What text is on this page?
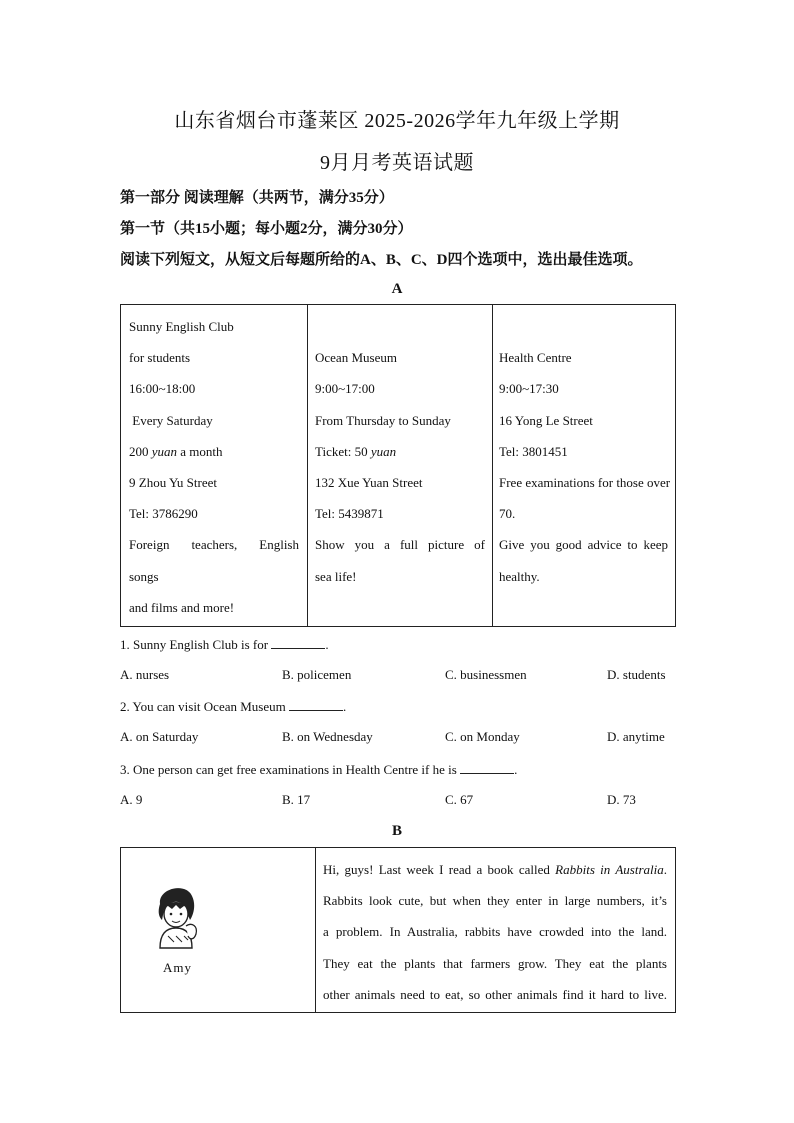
山东省烟台市蓬莱区 2025-2026学年九年级上学期
9月月考英语试题
第一部分 阅读理解（共两节，满分35分）
第一节（共15小题；每小题2分，满分30分）
阅读下列短文，从短文后每题所给的A、B、C、D四个选项中，选出最佳选项。
A
Sunny English Club
for students
16:00~18:00
Every Saturday
200 yuan a month
9 Zhou Yu Street
Tel: 3786290
Foreign teachers, English
songs
and films and more!

Ocean Museum
9:00~17:00
From Thursday to Sunday
Ticket: 50 yuan
132 Xue Yuan Street
Tel: 5439871
Show you a full picture of
sea life!

Health Centre
9:00~17:30
16 Yong Le Street
Tel: 3801451
Free examinations for those over
70.
Give you good advice to keep
healthy.
1. Sunny English Club is for	.
A. nurses	B. policemen	C. businessmen	D. students
2. You can visit Ocean Museum	.
A. on Saturday	B. on Wednesday	C. on Monday	D. anytime
3. One person can get free examinations in Health Centre if he is	.
A. 9	B. 17	C. 67	D. 73
B
Amy

Hi, guys! Last week I read a book called Rabbits in Australia.
Rabbits look cute, but when they enter in large numbers, it’s
a problem. In Australia, rabbits have crowded into the land.
They eat the plants that farmers grow. They eat the plants
other animals need to eat, so other animals find it hard to live.
